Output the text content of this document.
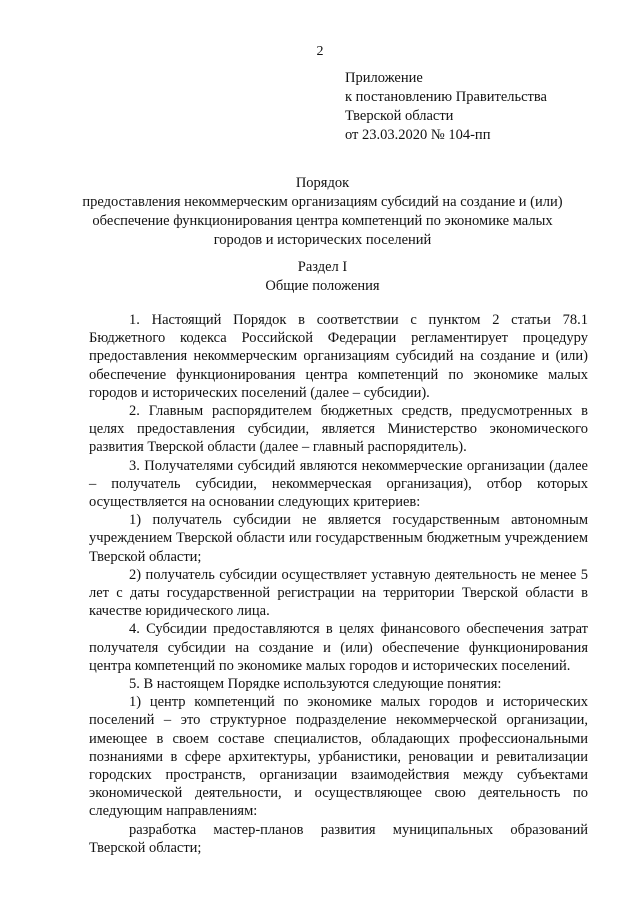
2
Приложение
к постановлению Правительства
Тверской области
от 23.03.2020 № 104-пп
Порядок
предоставления некоммерческим организациям субсидий на создание и (или)
обеспечение функционирования центра компетенций по экономике малых
городов и исторических поселений
Раздел I
Общие положения

1. Настоящий Порядок в соответствии с пунктом 2 статьи 78.1 Бюджетного кодекса Российской Федерации регламентирует процедуру предоставления некоммерческим организациям субсидий на создание и (или) обеспечение функционирования центра компетенций по экономике малых городов и исторических поселений (далее – субсидии).

2. Главным распорядителем бюджетных средств, предусмотренных в целях предоставления субсидии, является Министерство экономического развития Тверской области (далее – главный распорядитель).

3. Получателями субсидий являются некоммерческие организации (далее – получатель субсидии, некоммерческая организация), отбор которых осуществляется на основании следующих критериев:

1) получатель субсидии не является государственным автономным учреждением Тверской области или государственным бюджетным учреждением Тверской области;

2) получатель субсидии осуществляет уставную деятельность не менее 5 лет с даты государственной регистрации на территории Тверской области в качестве юридического лица.

4. Субсидии предоставляются в целях финансового обеспечения затрат получателя субсидии на создание и (или) обеспечение функционирования центра компетенций по экономике малых городов и исторических поселений.

5. В настоящем Порядке используются следующие понятия:

1) центр компетенций по экономике малых городов и исторических поселений – это структурное подразделение некоммерческой организации, имеющее в своем составе специалистов, обладающих профессиональными познаниями в сфере архитектуры, урбанистики, реновации и ревитализации городских пространств, организации взаимодействия между субъектами экономической деятельности, и осуществляющее свою деятельность по следующим направлениям:

разработка мастер-планов развития муниципальных образований Тверской области;
